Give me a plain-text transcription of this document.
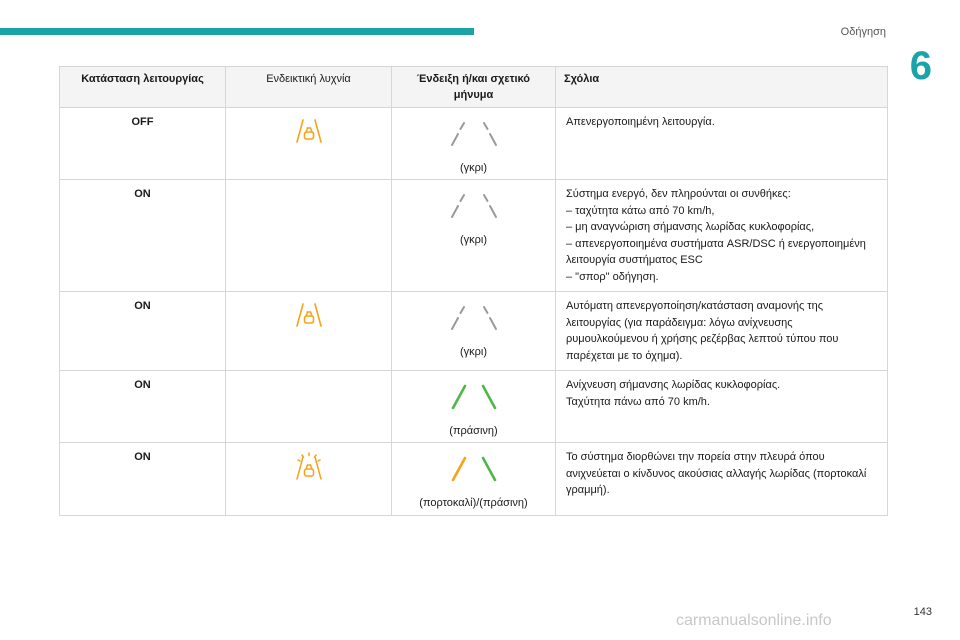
Οδήγηση
6
Κατάσταση λειτουργίας	Ενδεικτική λυχνία	Ένδειξη ή/και σχετικό μήνυμα	Σχόλια
OFF		(γκρι)	Απενεργοποιημένη λειτουργία.

ON		(γκρι)	Σύστημα ενεργό, δεν πληρούνται οι συνθήκες:

– ταχύτητα κάτω από 70 km/h,

– μη αναγνώριση σήμανσης λωρίδας κυκλοφορίας,

– απενεργοποιημένα συστήματα ASR/DSC ή ενεργοποιημένη λειτουργία συστήματος ESC

– "σπορ" οδήγηση.

ON		(γκρι)	Αυτόματη απενεργοποίηση/κατάσταση αναμονής της λειτουργίας (για παράδειγμα: λόγω ανίχνευσης ρυμουλκούμενου ή χρήσης ρεζέρβας λεπτού τύπου που παρέχεται με το όχημα).

ON		(πράσινη)	Ανίχνευση σήμανσης λωρίδας κυκλοφορίας.

Ταχύτητα πάνω από 70 km/h.

ON		(πορτοκαλί)/(πράσινη)	Το σύστημα διορθώνει την πορεία στην πλευρά όπου ανιχνεύεται ο κίνδυνος ακούσιας αλλαγής λωρίδας (πορτοκαλί γραμμή).

carmanualsonline.info	143
